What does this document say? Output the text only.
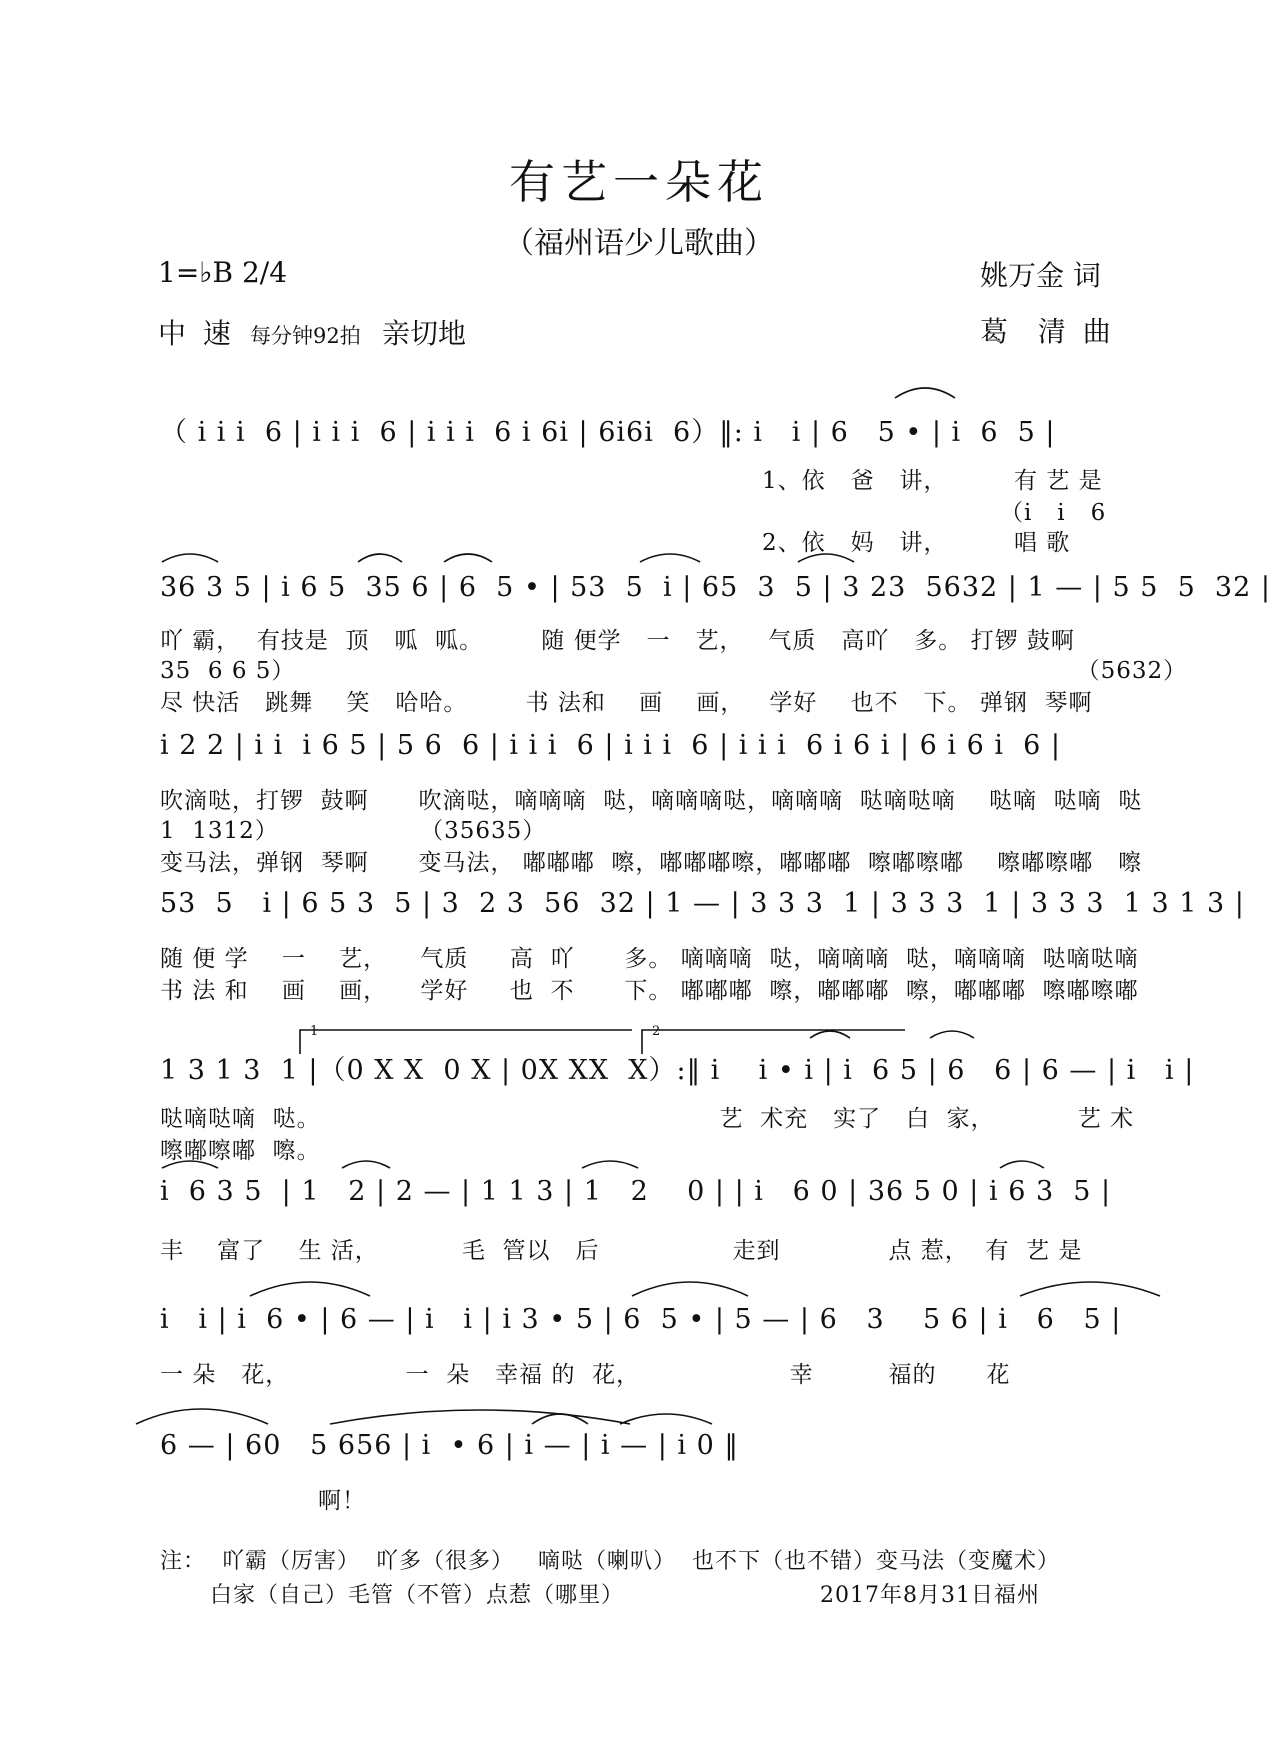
有艺一朵花
（福州语少儿歌曲）
1=♭B 2/4	姚万金 词
中 速 每分钟92拍 亲切地	葛  清 曲
（ i i i  6 | i i i  6 | i i i  6 i 6i | 6i6i  6）‖: i   i | 6   5 • | i  6  5 |
1、依   爸   讲，        有 艺 是
（i   i   6
2、依   妈   讲，        唱 歌
36 3 5 | i 6 5  35 6 | 6  5 • | 53  5  i | 65  3  5 | 3 23  5632 | 1 — | 5 5  5  32 |
吖 霸，  有技是  顶   呱  呱。       随 便学   一   艺，   气质   高吖   多。 打锣 鼓啊
35  6 6 5）                                                                                              （5632）
尽 快活   跳舞    笑   哈哈。       书 法和    画    画，   学好    也不   下。 弹钢  琴啊
i 2 2 | i i  i 6 5 | 5 6  6 | i i i  6 | i i i  6 | i i i  6 i 6 i | 6 i 6 i  6 |
吹滴哒，打锣  鼓啊      吹滴哒，嘀嘀嘀  哒，嘀嘀嘀哒，嘀嘀嘀  哒嘀哒嘀    哒嘀  哒嘀  哒
1  1312）                 （35635）
变马法，弹钢  琴啊      变马法， 嘟嘟嘟  嚓，嘟嘟嘟嚓，嘟嘟嘟  嚓嘟嚓嘟    嚓嘟嚓嘟   嚓
53  5   i | 6 5 3  5 | 3  2 3  56  32 | 1 — | 3 3 3  1 | 3 3 3  1 | 3 3 3  1 3 1 3 |
随 便 学    一    艺，    气质     高  吖      多。 嘀嘀嘀  哒，嘀嘀嘀  哒，嘀嘀嘀  哒嘀哒嘀
书 法 和    画    画，    学好     也  不      下。 嘟嘟嘟  嚓，嘟嘟嘟  嚓，嘟嘟嘟  嚓嘟嚓嘟
1	2
1 3 1 3  1 |（0 X X  0 X | 0X XX  X）:‖ i    i • i | i  6 5 | 6   6 | 6 — | i   i |
哒嘀哒嘀  哒。                                                艺  术充   实了   白  家，          艺 术
嚓嘟嚓嘟  嚓。
i  6 3 5  | 1   2 | 2 — | 1 1 3 | 1   2    0 | | i   6 0 | 36 5 0 | i 6 3  5 |
丰    富了    生 活，          毛  管以   后                走到             点 惹，  有  艺 是
i   i | i  6 • | 6 — | i   i | i 3 • 5 | 6  5 • | 5 — | 6   3    5 6 | i   6   5 |
一 朵   花，              一  朵   幸福 的  花，                  幸         福的      花
6 — | 60   5 656 | i  • 6 | i — | i — | i 0 ‖
啊！
注：  吖霸（厉害）  吖多（很多）   嘀哒（喇叭）  也不下（也不错）变马法（变魔术）
白家（自己）毛管（不管）点惹（哪里）	2017年8月31日福州
